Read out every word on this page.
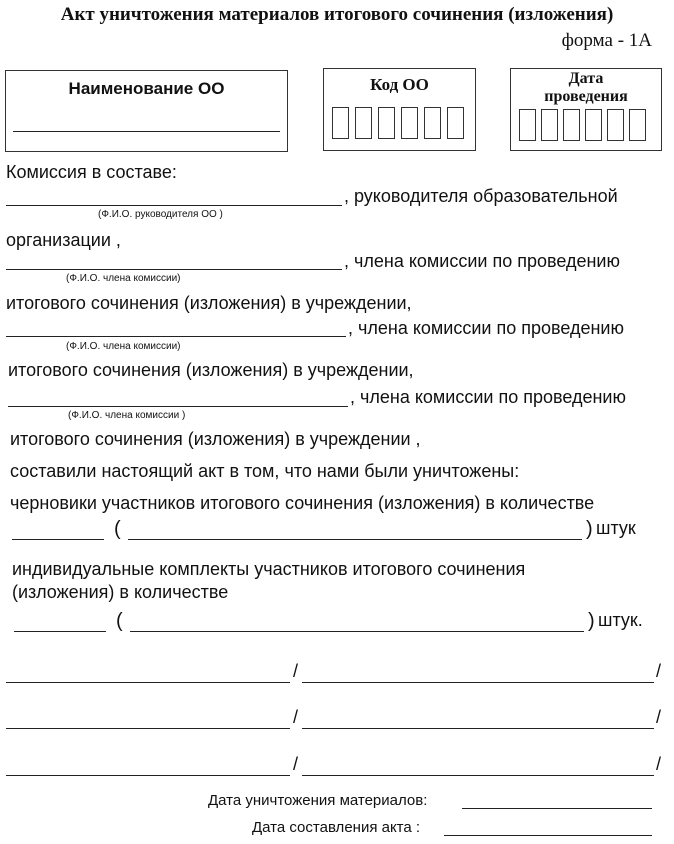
Акт уничтожения материалов итогового сочинения (изложения)
форма - 1А
Наименование ОО	Код ОО	Дата
проведения
Комиссия в составе:
, руководителя образовательной
(Ф.И.О. руководителя ОО )
организации ,
, члена комиссии по проведению
(Ф.И.О. члена комиссии)
итогового сочинения (изложения) в учреждении,
, члена комиссии по проведению
(Ф.И.О. члена комиссии)
итогового сочинения (изложения) в учреждении,
, члена комиссии по проведению
(Ф.И.О. члена комиссии )
итогового сочинения (изложения) в учреждении ,
составили настоящий акт в том, что нами были уничтожены:
черновики участников итогового сочинения (изложения) в количестве
(	) штук
индивидуальные комплекты участников итогового сочинения
(изложения) в количестве
(	) штук.
/	/
/	/
/	/
Дата уничтожения материалов:
Дата составления акта :
